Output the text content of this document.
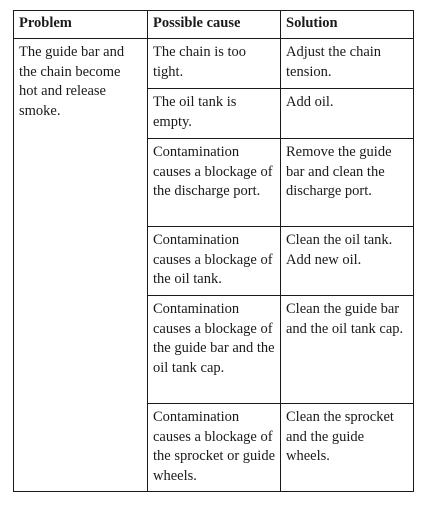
Problem	Possible cause	Solution
The guide bar and the chain become hot and release smoke.	The chain is too tight.	Adjust the chain tension.
	The oil tank is empty.	Add oil.
	Contamination causes a blockage of the discharge port.	Remove the guide bar and clean the discharge port.
	Contamination causes a blockage of the oil tank.	Clean the oil tank. Add new oil.
	Contamination causes a blockage of the guide bar and the oil tank cap.	Clean the guide bar and the oil tank cap.
	Contamination causes a blockage of the sprocket or guide wheels.	Clean the sprocket and the guide wheels.
